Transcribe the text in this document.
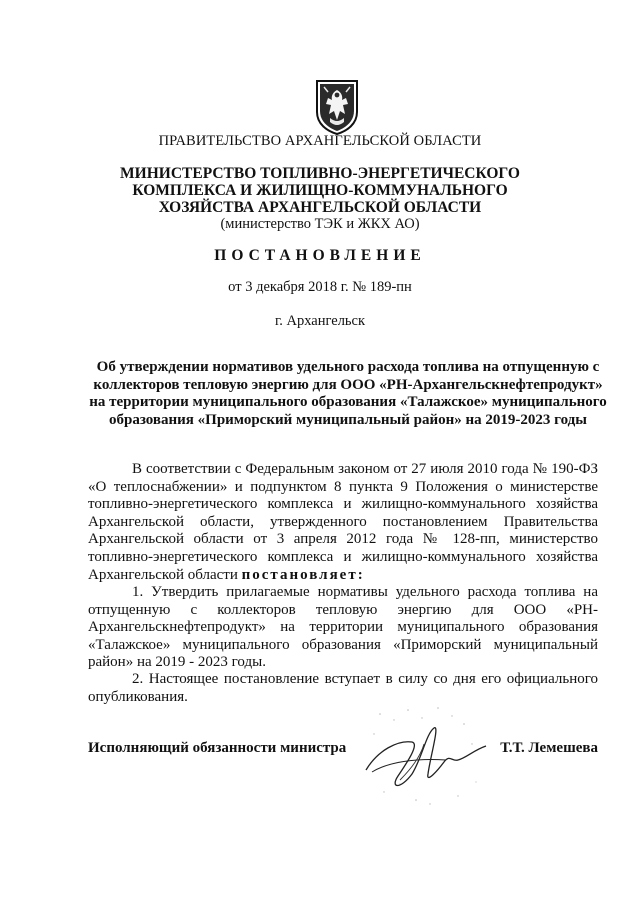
ПРАВИТЕЛЬСТВО АРХАНГЕЛЬСКОЙ ОБЛАСТИ
МИНИСТЕРСТВО ТОПЛИВНО-ЭНЕРГЕТИЧЕСКОГО
КОМПЛЕКСА И ЖИЛИЩНО-КОММУНАЛЬНОГО
ХОЗЯЙСТВА АРХАНГЕЛЬСКОЙ ОБЛАСТИ
(министерство ТЭК и ЖКХ АО)
ПОСТАНОВЛЕНИЕ
от 3 декабря 2018 г. № 189-пн
г. Архангельск
Об утверждении нормативов удельного расхода топлива на отпущенную с коллекторов тепловую энергию для ООО «РН-Архангельскнефтепродукт» на территории муниципального образования «Талажское» муниципального образования «Приморский муниципальный район» на 2019-2023 годы
В соответствии с Федеральным законом от 27 июля 2010 года № 190-ФЗ «О теплоснабжении» и подпунктом 8 пункта 9 Положения о министерстве топливно-энергетического комплекса и жилищно-коммунального хозяйства Архангельской области, утвержденного постановлением Правительства Архангельской области от 3 апреля 2012 года № 128-пп, министерство топливно-энергетического комплекса и жилищно-коммунального хозяйства Архангельской области постановляет:
1. Утвердить прилагаемые нормативы удельного расхода топлива на отпущенную с коллекторов тепловую энергию для ООО «РН-Архангельскнефтепродукт» на территории муниципального образования «Талажское» муниципального образования «Приморский муниципальный район» на 2019 - 2023 годы.
2. Настоящее постановление вступает в силу со дня его официального опубликования.
Исполняющий обязанности министра	Т.Т. Лемешева
